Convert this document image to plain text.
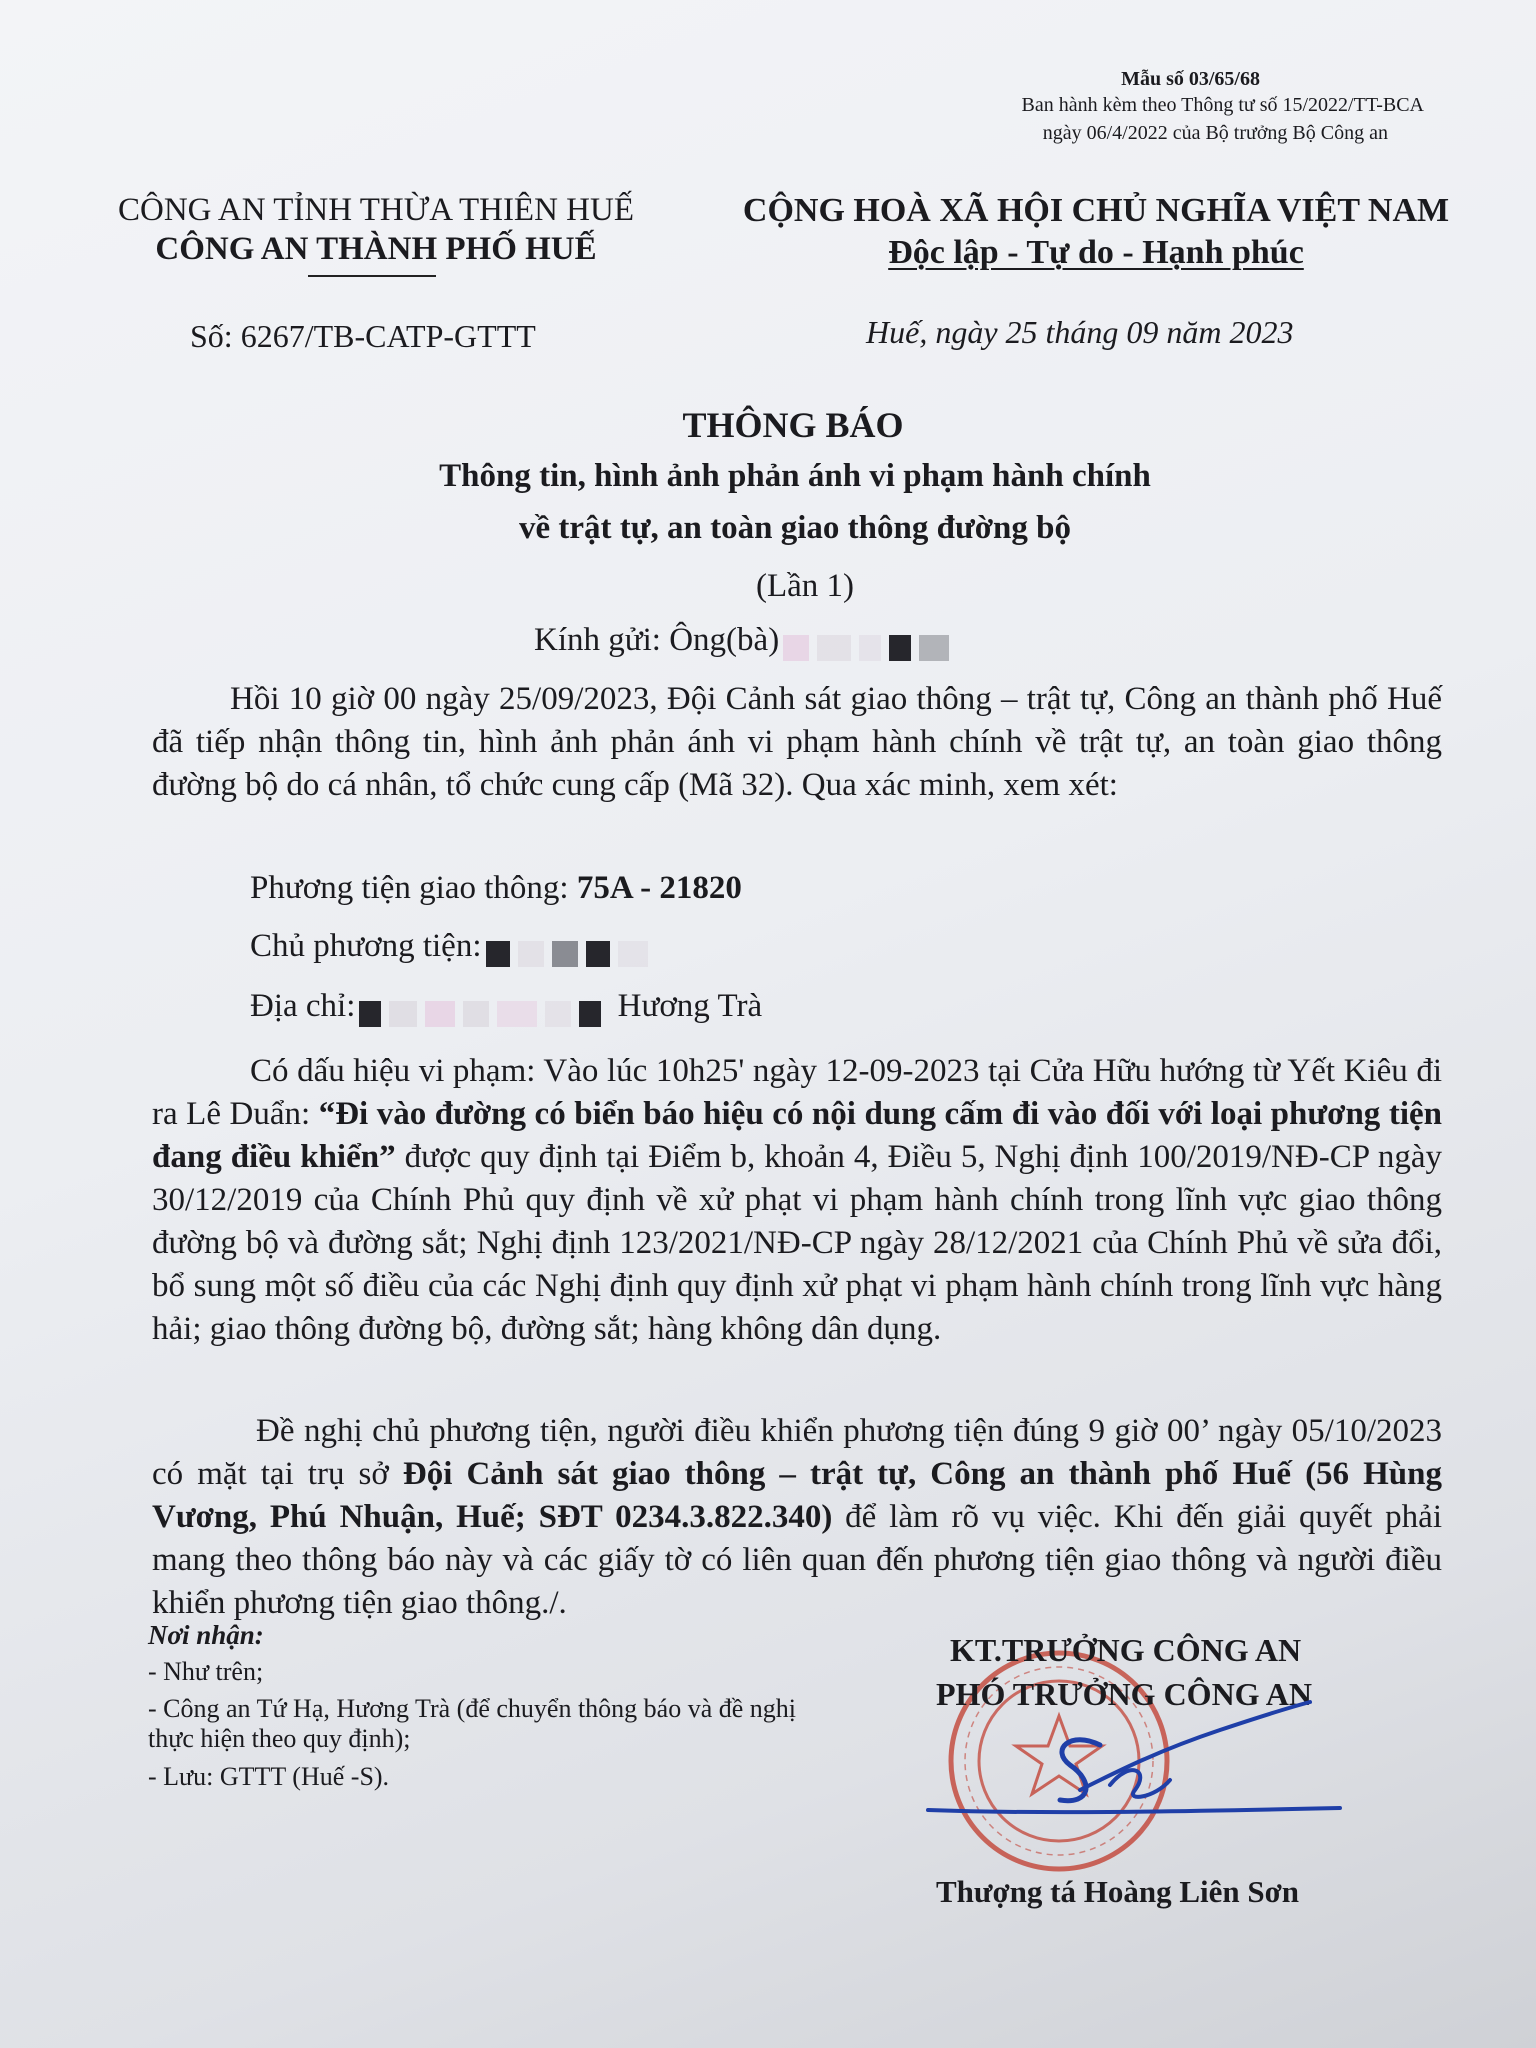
Mẫu số 03/65/68
Ban hành kèm theo Thông tư số 15/2022/TT-BCA
ngày 06/4/2022 của Bộ trưởng Bộ Công an
CÔNG AN TỈNH THỪA THIÊN HUẾ
CÔNG AN THÀNH PHỐ HUẾ
CỘNG HOÀ XÃ HỘI CHỦ NGHĨA VIỆT NAM
Độc lập - Tự do - Hạnh phúc
Số: 6267/TB-CATP-GTTT	Huế, ngày 25 tháng 09 năm 2023
THÔNG BÁO
Thông tin, hình ảnh phản ánh vi phạm hành chính
về trật tự, an toàn giao thông đường bộ
(Lần 1)
Kính gửi: Ông(bà)
Hồi 10 giờ 00 ngày 25/09/2023, Đội Cảnh sát giao thông – trật tự, Công an thành phố Huế đã tiếp nhận thông tin, hình ảnh phản ánh vi phạm hành chính về trật tự, an toàn giao thông đường bộ do cá nhân, tổ chức cung cấp (Mã 32). Qua xác minh, xem xét:
Phương tiện giao thông: 75A - 21820
Chủ phương tiện:
Địa chỉ:	Hương Trà
Có dấu hiệu vi phạm: Vào lúc 10h25' ngày 12-09-2023 tại Cửa Hữu hướng từ Yết Kiêu đi ra Lê Duẩn: “Đi vào đường có biển báo hiệu có nội dung cấm đi vào đối với loại phương tiện đang điều khiển” được quy định tại Điểm b, khoản 4, Điều 5, Nghị định 100/2019/NĐ-CP ngày 30/12/2019 của Chính Phủ quy định về xử phạt vi phạm hành chính trong lĩnh vực giao thông đường bộ và đường sắt; Nghị định 123/2021/NĐ-CP ngày 28/12/2021 của Chính Phủ về sửa đổi, bổ sung một số điều của các Nghị định quy định xử phạt vi phạm hành chính trong lĩnh vực hàng hải; giao thông đường bộ, đường sắt; hàng không dân dụng.
Đề nghị chủ phương tiện, người điều khiển phương tiện đúng 9 giờ 00’ ngày 05/10/2023 có mặt tại trụ sở Đội Cảnh sát giao thông – trật tự, Công an thành phố Huế (56 Hùng Vương, Phú Nhuận, Huế; SĐT 0234.3.822.340) để làm rõ vụ việc. Khi đến giải quyết phải mang theo thông báo này và các giấy tờ có liên quan đến phương tiện giao thông và người điều khiển phương tiện giao thông./.
Nơi nhận:
- Như trên;
- Công an Tứ Hạ, Hương Trà (để chuyển thông báo và đề nghị thực hiện theo quy định);
- Lưu: GTTT (Huế -S).
KT.TRƯỞNG CÔNG AN
PHÓ TRƯỞNG CÔNG AN
Thượng tá Hoàng Liên Sơn
